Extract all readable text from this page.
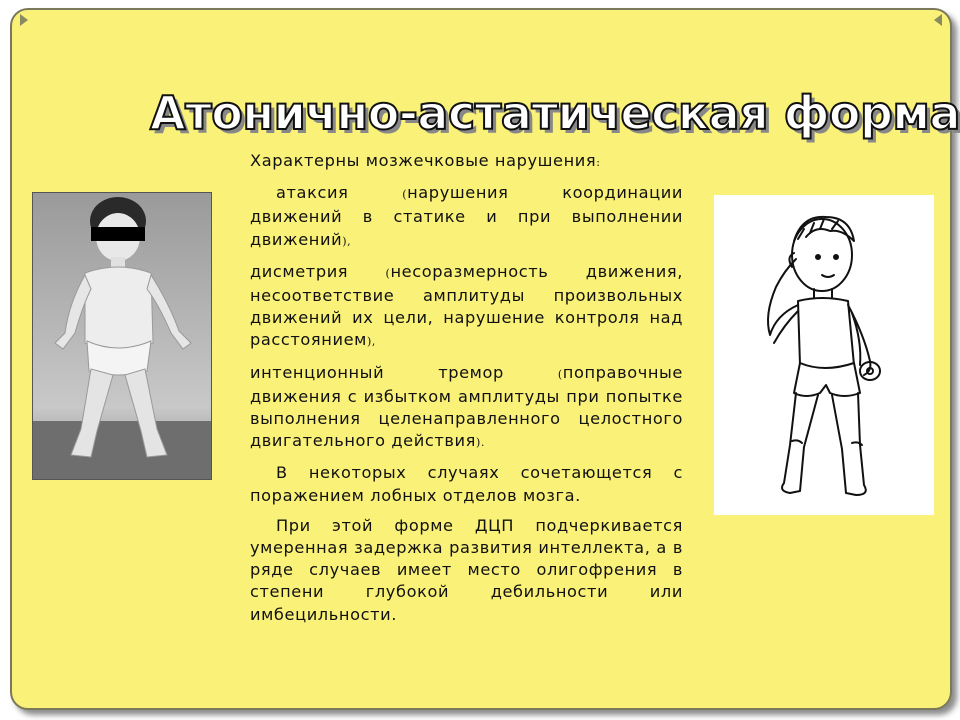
Атонично-астатическая форма

Характерны мозжечковые нарушения:

атаксия (нарушения координации движений в статике и при выполнении движений),

дисметрия (несоразмерность движения, несоответствие амплитуды произвольных движений их цели, нарушение контроля над расстоянием),

интенционный тремор (поправочные движения с избытком амплитуды при попытке выполнения целенаправленного целостного двигательного действия).

В некоторых случаях сочетающется с поражением лобных отделов мозга.

При этой форме ДЦП подчеркивается умеренная задержка развития интеллекта, а в ряде случаев имеет место олигофрения в степени глубокой дебильности или имбецильности.
